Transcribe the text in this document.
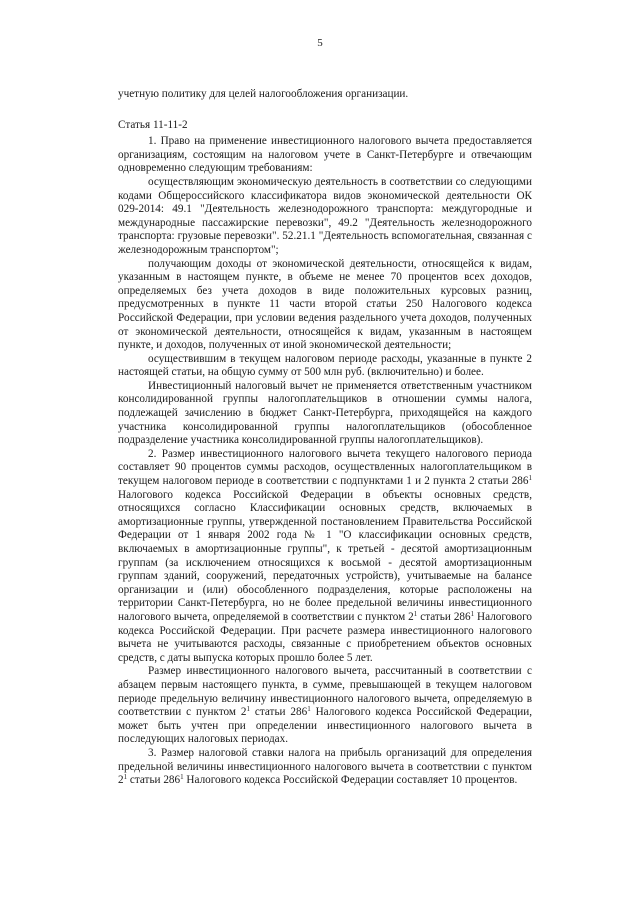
5

учетную политику для целей налогообложения организации.

Статья 11-11-2

1. Право на применение инвестиционного налогового вычета предоставляется организациям, состоящим на налоговом учете в Санкт-Петербурге и отвечающим одновременно следующим требованиям:

осуществляющим экономическую деятельность в соответствии со следующими кодами Общероссийского классификатора видов экономической деятельности ОК 029-2014: 49.1 "Деятельность железнодорожного транспорта: междугородные и международные пассажирские перевозки", 49.2 "Деятельность железнодорожного транспорта: грузовые перевозки". 52.21.1 "Деятельность вспомогательная, связанная с железнодорожным транспортом";

получающим доходы от экономической деятельности, относящейся к видам, указанным в настоящем пункте, в объеме не менее 70 процентов всех доходов, определяемых без учета доходов в виде положительных курсовых разниц, предусмотренных в пункте 11 части второй статьи 250 Налогового кодекса Российской Федерации, при условии ведения раздельного учета доходов, полученных от экономической деятельности, относящейся к видам, указанным в настоящем пункте, и доходов, полученных от иной экономической деятельности;

осуществившим в текущем налоговом периоде расходы, указанные в пункте 2 настоящей статьи, на общую сумму от 500 млн руб. (включительно) и более.

Инвестиционный налоговый вычет не применяется ответственным участником консолидированной группы налогоплательщиков в отношении суммы налога, подлежащей зачислению в бюджет Санкт-Петербурга, приходящейся на каждого участника консолидированной группы налогоплательщиков (обособленное подразделение участника консолидированной группы налогоплательщиков).

2. Размер инвестиционного налогового вычета текущего налогового периода составляет 90 процентов суммы расходов, осуществленных налогоплательщиком в текущем налоговом периоде в соответствии с подпунктами 1 и 2 пункта 2 статьи $286^1$ Налогового кодекса Российской Федерации в объекты основных средств, относящихся согласно Классификации основных средств, включаемых в амортизационные группы, утвержденной постановлением Правительства Российской Федерации от 1 января 2002 года № 1 "О классификации основных средств, включаемых в амортизационные группы", к третьей - десятой амортизационным группам (за исключением относящихся к восьмой - десятой амортизационным группам зданий, сооружений, передаточных устройств), учитываемые на балансе организации и (или) обособленного подразделения, которые расположены на территории Санкт-Петербурга, но не более предельной величины инвестиционного налогового вычета, определяемой в соответствии с пунктом $2^1$ статьи $286^1$ Налогового кодекса Российской Федерации. При расчете размера инвестиционного налогового вычета не учитываются расходы, связанные с приобретением объектов основных средств, с даты выпуска которых прошло более 5 лет.

Размер инвестиционного налогового вычета, рассчитанный в соответствии с абзацем первым настоящего пункта, в сумме, превышающей в текущем налоговом периоде предельную величину инвестиционного налогового вычета, определяемую в соответствии с пунктом $2^1$ статьи $286^1$ Налогового кодекса Российской Федерации, может быть учтен при определении инвестиционного налогового вычета в последующих налоговых периодах.

3. Размер налоговой ставки налога на прибыль организаций для определения предельной величины инвестиционного налогового вычета в соответствии с пунктом $2^1$ статьи $286^1$ Налогового кодекса Российской Федерации составляет 10 процентов.
